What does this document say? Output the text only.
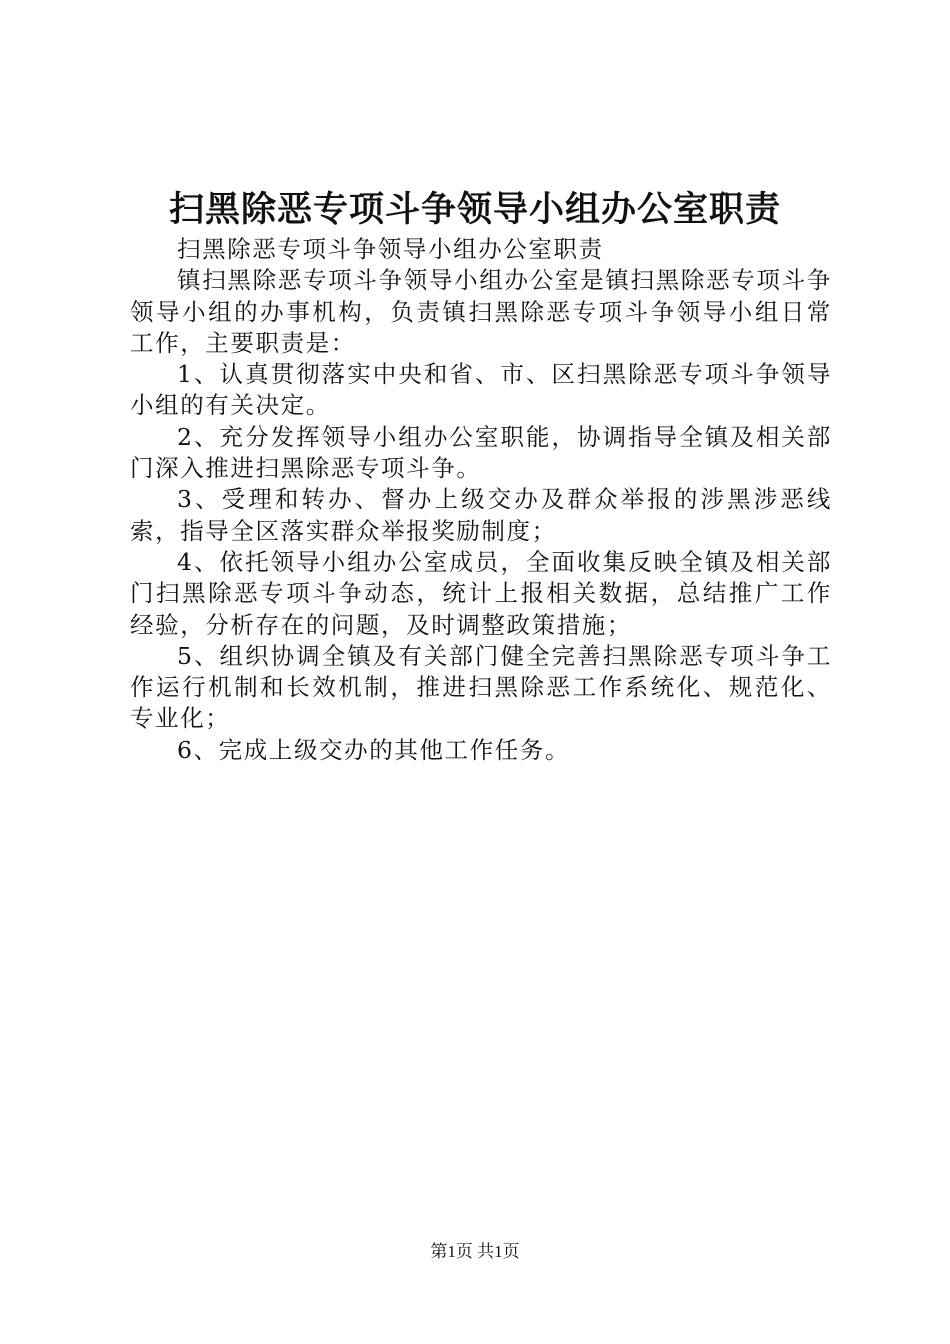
扫黑除恶专项斗争领导小组办公室职责

扫黑除恶专项斗争领导小组办公室职责

镇扫黑除恶专项斗争领导小组办公室是镇扫黑除恶专项斗争领导小组的办事机构，负责镇扫黑除恶专项斗争领导小组日常工作，主要职责是：

1、认真贯彻落实中央和省、市、区扫黑除恶专项斗争领导小组的有关决定。

2、充分发挥领导小组办公室职能，协调指导全镇及相关部门深入推进扫黑除恶专项斗争。

3、受理和转办、督办上级交办及群众举报的涉黑涉恶线索，指导全区落实群众举报奖励制度；

4、依托领导小组办公室成员，全面收集反映全镇及相关部门扫黑除恶专项斗争动态，统计上报相关数据，总结推广工作经验，分析存在的问题，及时调整政策措施；

5、组织协调全镇及有关部门健全完善扫黑除恶专项斗争工作运行机制和长效机制，推进扫黑除恶工作系统化、规范化、专业化；

6、完成上级交办的其他工作任务。

第1页 共1页
